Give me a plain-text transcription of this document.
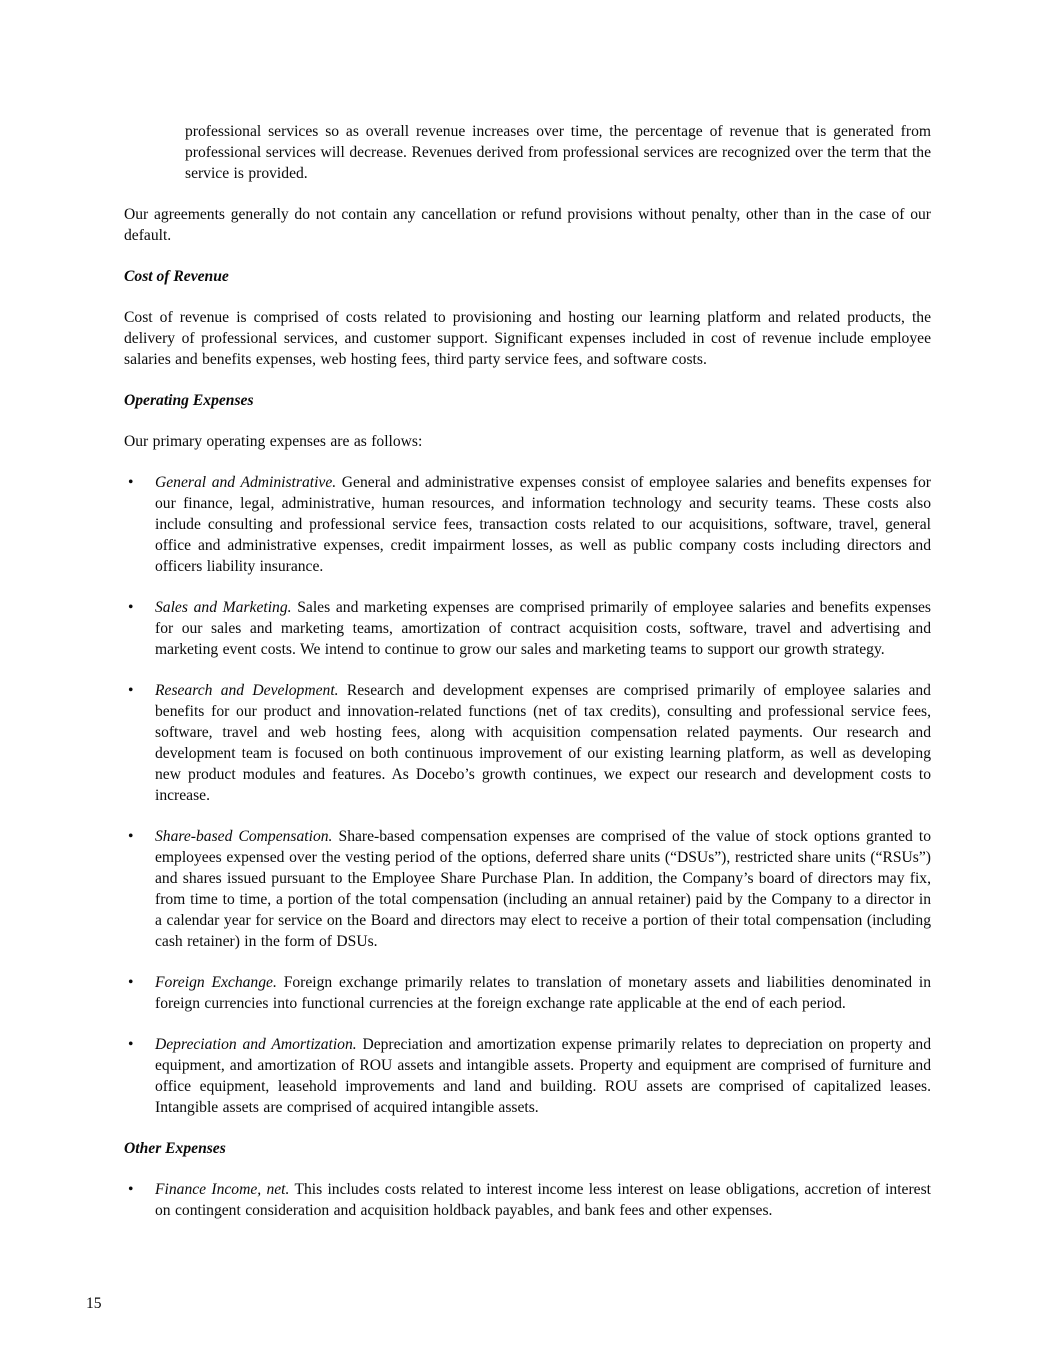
professional services so as overall revenue increases over time, the percentage of revenue that is generated from professional services will decrease. Revenues derived from professional services are recognized over the term that the service is provided.

Our agreements generally do not contain any cancellation or refund provisions without penalty, other than in the case of our default.

Cost of Revenue

Cost of revenue is comprised of costs related to provisioning and hosting our learning platform and related products, the delivery of professional services, and customer support. Significant expenses included in cost of revenue include employee salaries and benefits expenses, web hosting fees, third party service fees, and software costs.

Operating Expenses

Our primary operating expenses are as follows:

•	General and Administrative. General and administrative expenses consist of employee salaries and benefits expenses for our finance, legal, administrative, human resources, and information technology and security teams. These costs also include consulting and professional service fees, transaction costs related to our acquisitions, software, travel, general office and administrative expenses, credit impairment losses, as well as public company costs including directors and officers liability insurance.

•	Sales and Marketing. Sales and marketing expenses are comprised primarily of employee salaries and benefits expenses for our sales and marketing teams, amortization of contract acquisition costs, software, travel and advertising and marketing event costs. We intend to continue to grow our sales and marketing teams to support our growth strategy.

•	Research and Development. Research and development expenses are comprised primarily of employee salaries and benefits for our product and innovation-related functions (net of tax credits), consulting and professional service fees, software, travel and web hosting fees, along with acquisition compensation related payments. Our research and development team is focused on both continuous improvement of our existing learning platform, as well as developing new product modules and features. As Docebo’s growth continues, we expect our research and development costs to increase.

•	Share-based Compensation. Share-based compensation expenses are comprised of the value of stock options granted to employees expensed over the vesting period of the options, deferred share units (“DSUs”), restricted share units (“RSUs”) and shares issued pursuant to the Employee Share Purchase Plan. In addition, the Company’s board of directors may fix, from time to time, a portion of the total compensation (including an annual retainer) paid by the Company to a director in a calendar year for service on the Board and directors may elect to receive a portion of their total compensation (including cash retainer) in the form of DSUs.

•	Foreign Exchange. Foreign exchange primarily relates to translation of monetary assets and liabilities denominated in foreign currencies into functional currencies at the foreign exchange rate applicable at the end of each period.

•	Depreciation and Amortization. Depreciation and amortization expense primarily relates to depreciation on property and equipment, and amortization of ROU assets and intangible assets. Property and equipment are comprised of furniture and office equipment, leasehold improvements and land and building. ROU assets are comprised of capitalized leases. Intangible assets are comprised of acquired intangible assets.

Other Expenses
•	Finance Income, net. This includes costs related to interest income less interest on lease obligations, accretion of interest on contingent consideration and acquisition holdback payables, and bank fees and other expenses.

15
